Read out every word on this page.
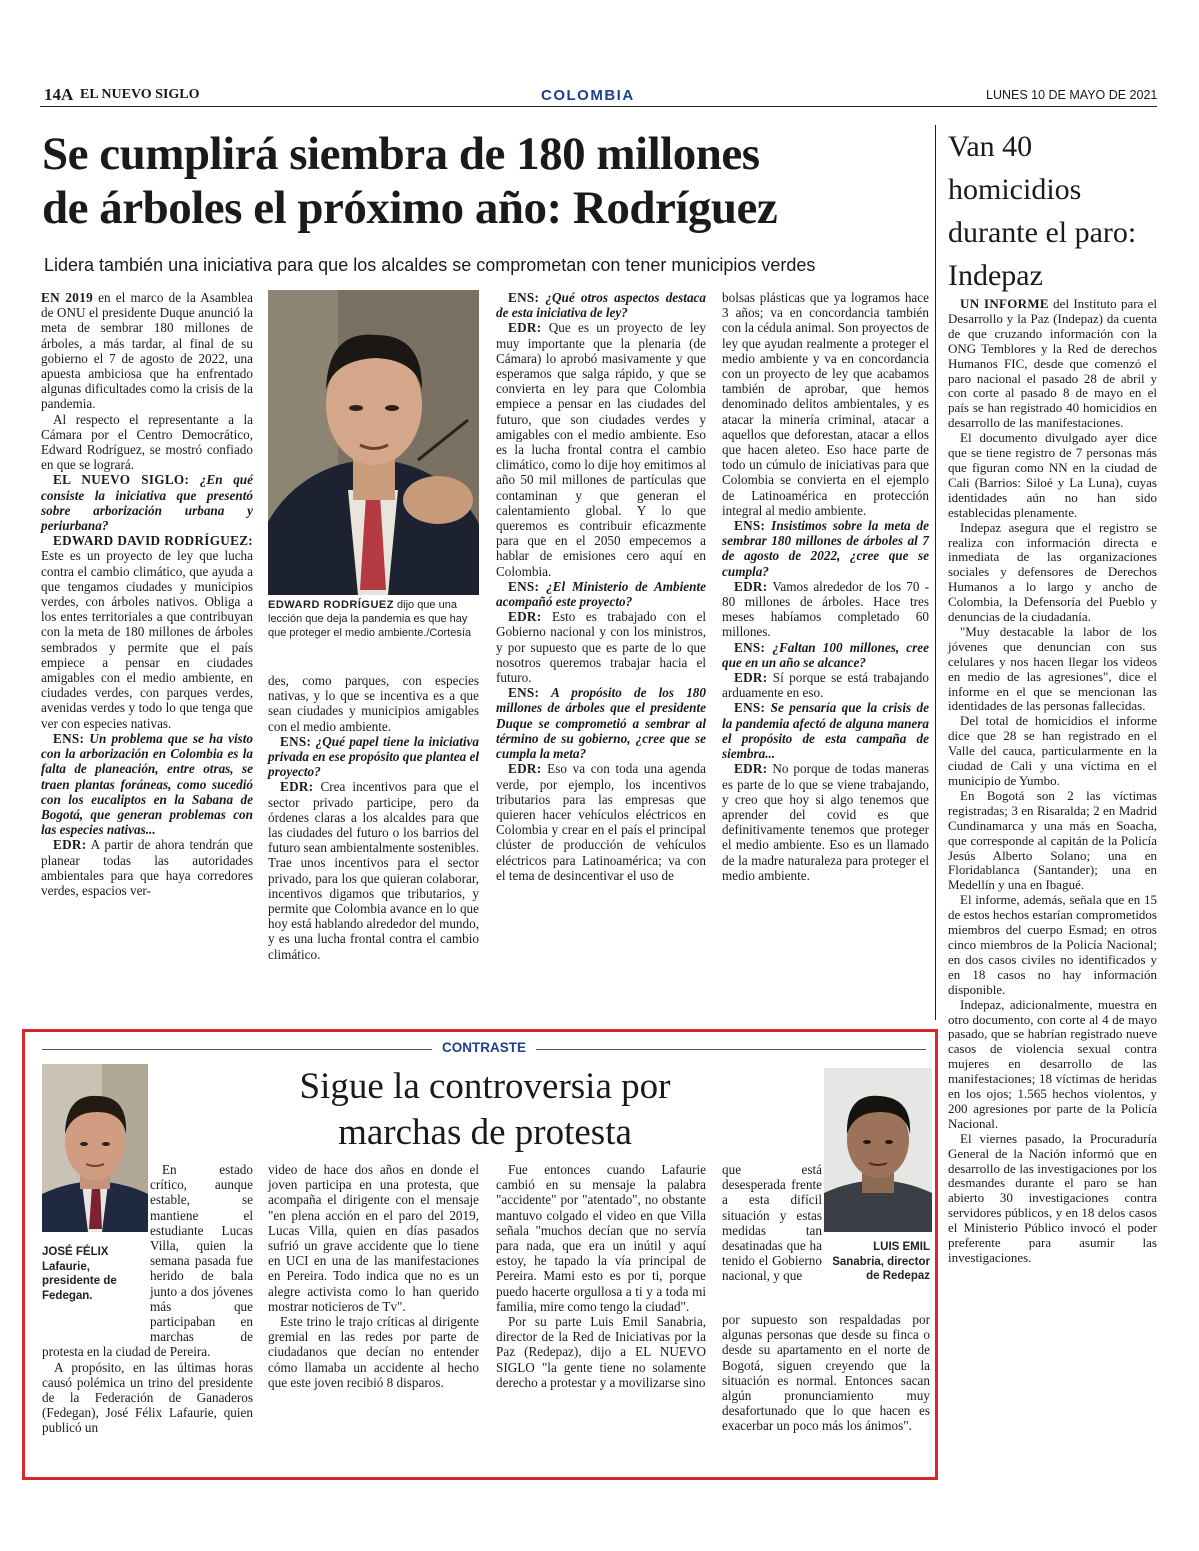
14A EL NUEVO SIGLO	COLOMBIA	LUNES 10 DE MAYO DE 2021
Se cumplirá siembra de 180 millones
de árboles el próximo año: Rodríguez
Lidera también una iniciativa para que los alcaldes se comprometan con tener municipios verdes

EN 2019 en el marco de la Asamblea de ONU el presidente Duque anunció la meta de sembrar 180 millones de árboles, a más tardar, al final de su gobierno el 7 de agosto de 2022, una apuesta ambiciosa que ha enfrentado algunas dificultades como la crisis de la pandemia.

Al respecto el representante a la Cámara por el Centro Democrático, Edward Rodríguez, se mostró confiado en que se logrará.

EL NUEVO SIGLO: ¿En qué consiste la iniciativa que presentó sobre arborización urbana y periurbana?

EDWARD DAVID RODRÍGUEZ: Este es un proyecto de ley que lucha contra el cambio climático, que ayuda a que tengamos ciudades y municipios verdes, con árboles nativos. Obliga a los entes territoriales a que contribuyan con la meta de 180 millones de árboles sembrados y permite que el país empiece a pensar en ciudades amigables con el medio ambiente, en ciudades verdes, con parques verdes, avenidas verdes y todo lo que tenga que ver con especies nativas.

ENS: Un problema que se ha visto con la arborización en Colombia es la falta de planeación, entre otras, se traen plantas foráneas, como sucedió con los eucaliptos en la Sabana de Bogotá, que generan problemas con las especies nativas...

EDR: A partir de ahora tendrán que planear todas las autoridades ambientales para que haya corredores verdes, espacios ver-

EDWARD RODRÍGUEZ dijo que una lección que deja la pandemia es que hay que proteger el medio ambiente./Cortesía

des, como parques, con especies nativas, y lo que se incentiva es a que sean ciudades y municipios amigables con el medio ambiente.

ENS: ¿Qué papel tiene la iniciativa privada en ese propósito que plantea el proyecto?

EDR: Crea incentivos para que el sector privado participe, pero da órdenes claras a los alcaldes para que las ciudades del futuro o los barrios del futuro sean ambientalmente sostenibles. Trae unos incentivos para el sector privado, para los que quieran colaborar, incentivos digamos que tributarios, y permite que Colombia avance en lo que hoy está hablando alrededor del mundo, y es una lucha frontal contra el cambio climático.

ENS: ¿Qué otros aspectos destaca de esta iniciativa de ley?

EDR: Que es un proyecto de ley muy importante que la plenaria (de Cámara) lo aprobó masivamente y que esperamos que salga rápido, y que se convierta en ley para que Colombia empiece a pensar en las ciudades del futuro, que son ciudades verdes y amigables con el medio ambiente. Eso es la lucha frontal contra el cambio climático, como lo dije hoy emitimos al año 50 mil millones de partículas que contaminan y que generan el calentamiento global. Y lo que queremos es contribuir eficazmente para que en el 2050 empecemos a hablar de emisiones cero aquí en Colombia.

ENS: ¿El Ministerio de Ambiente acompañó este proyecto?

EDR: Esto es trabajado con el Gobierno nacional y con los ministros, y por supuesto que es parte de lo que nosotros queremos trabajar hacia el futuro.

ENS: A propósito de los 180 millones de árboles que el presidente Duque se comprometió a sembrar al término de su gobierno, ¿cree que se cumpla la meta?

EDR: Eso va con toda una agenda verde, por ejemplo, los incentivos tributarios para las empresas que quieren hacer vehículos eléctricos en Colombia y crear en el país el principal clúster de producción de vehículos eléctricos para Latinoamérica; va con el tema de desincentivar el uso de

bolsas plásticas que ya logramos hace 3 años; va en concordancia también con la cédula animal. Son proyectos de ley que ayudan realmente a proteger el medio ambiente y va en concordancia con un proyecto de ley que acabamos también de aprobar, que hemos denominado delitos ambientales, y es atacar la minería criminal, atacar a aquellos que deforestan, atacar a ellos que hacen aleteo. Eso hace parte de todo un cúmulo de iniciativas para que Colombia se convierta en el ejemplo de Latinoamérica en protección integral al medio ambiente.

ENS: Insistimos sobre la meta de sembrar 180 millones de árboles al 7 de agosto de 2022, ¿cree que se cumpla?

EDR: Vamos alrededor de los 70 - 80 millones de árboles. Hace tres meses habíamos completado 60 millones.

ENS: ¿Faltan 100 millones, cree que en un año se alcance?

EDR: Sí porque se está trabajando arduamente en eso.

ENS: Se pensaría que la crisis de la pandemia afectó de alguna manera el propósito de esta campaña de siembra...

EDR: No porque de todas maneras es parte de lo que se viene trabajando, y creo que hoy si algo tenemos que aprender del covid es que definitivamente tenemos que proteger el medio ambiente. Eso es un llamado de la madre naturaleza para proteger el medio ambiente.

Van 40 homicidios durante el paro: Indepaz

UN INFORME del Instituto para el Desarrollo y la Paz (Indepaz) da cuenta de que cruzando información con la ONG Temblores y la Red de derechos Humanos FIC, desde que comenzó el paro nacional el pasado 28 de abril y con corte al pasado 8 de mayo en el país se han registrado 40 homicidios en desarrollo de las manifestaciones.

El documento divulgado ayer dice que se tiene registro de 7 personas más que figuran como NN en la ciudad de Cali (Barrios: Siloé y La Luna), cuyas identidades aún no han sido establecidas plenamente.

Indepaz asegura que el registro se realiza con información directa e inmediata de las organizaciones sociales y defensores de Derechos Humanos a lo largo y ancho de Colombia, la Defensoría del Pueblo y denuncias de la ciudadanía.

"Muy destacable la labor de los jóvenes que denuncian con sus celulares y nos hacen llegar los videos en medio de las agresiones", dice el informe en el que se mencionan las identidades de las personas fallecidas.

Del total de homicidios el informe dice que 28 se han registrado en el Valle del cauca, particularmente en la ciudad de Cali y una víctima en el municipio de Yumbo.

En Bogotá son 2 las víctimas registradas; 3 en Risaralda; 2 en Madrid Cundinamarca y una más en Soacha, que corresponde al capitán de la Policía Jesús Alberto Solano; una en Floridablanca (Santander); una en Medellín y una en Ibagué.

El informe, además, señala que en 15 de estos hechos estarían comprometidos miembros del cuerpo Esmad; en otros cinco miembros de la Policía Nacional; en dos casos civiles no identificados y en 18 casos no hay información disponible.

Indepaz, adicionalmente, muestra en otro documento, con corte al 4 de mayo pasado, que se habrían registrado nueve casos de violencia sexual contra mujeres en desarrollo de las manifestaciones; 18 víctimas de heridas en los ojos; 1.565 hechos violentos, y 200 agresiones por parte de la Policía Nacional.

El viernes pasado, la Procuraduría General de la Nación informó que en desarrollo de las investigaciones por los desmandes durante el paro se han abierto 30 investigaciones contra servidores públicos, y en 18 delos casos el Ministerio Público invocó el poder preferente para asumir las investigaciones.

CONTRASTE
Sigue la controversia por
marchas de protesta
JOSÉ FÉLIX
Lafaurie, presidente de Fedegan.
LUIS EMIL
Sanabria, director de Redepaz

En estado crítico, aunque estable, se mantiene el estudiante Lucas Villa, quien la semana pasada fue herido de bala junto a dos jóvenes más que participaban en marchas de protesta en la ciudad de Pereira.

A propósito, en las últimas horas causó polémica un trino del presidente de la Federación de Ganaderos (Fedegan), José Félix Lafaurie, quien publicó un

video de hace dos años en donde el joven participa en una protesta, que acompaña el dirigente con el mensaje "en plena acción en el paro del 2019, Lucas Villa, quien en días pasados sufrió un grave accidente que lo tiene en UCI en una de las manifestaciones en Pereira. Todo indica que no es un alegre activista como lo han querido mostrar noticieros de Tv".

Este trino le trajo críticas al dirigente gremial en las redes por parte de ciudadanos que decían no entender cómo llamaba un accidente al hecho que este joven recibió 8 disparos.

Fue entonces cuando Lafaurie cambió en su mensaje la palabra "accidente" por "atentado", no obstante mantuvo colgado el video en que Villa señala "muchos decían que no servía para nada, que era un inútil y aquí estoy, he tapado la vía principal de Pereira. Mami esto es por ti, porque puedo hacerte orgullosa a ti y a toda mi familia, mire como tengo la ciudad".

Por su parte Luis Emil Sanabria, director de la Red de Iniciativas por la Paz (Redepaz), dijo a EL NUEVO SIGLO "la gente tiene no solamente derecho a protestar y a movilizarse sino

que está desesperada frente a esta difícil situación y estas medidas tan desatinadas que ha tenido el Gobierno nacional, y que

por supuesto son respaldadas por algunas personas que desde su finca o desde su apartamento en el norte de Bogotá, siguen creyendo que la situación es normal. Entonces sacan algún pronunciamiento muy desafortunado que lo que hacen es exacerbar un poco más los ánimos".
